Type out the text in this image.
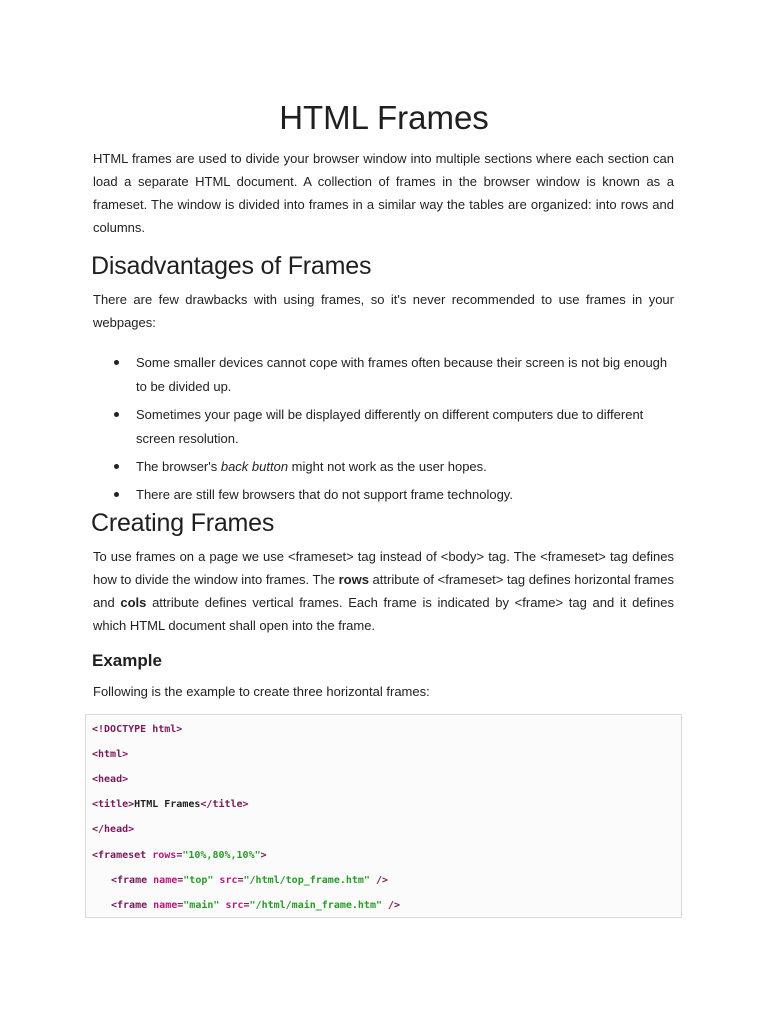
HTML Frames

HTML frames are used to divide your browser window into multiple sections where each section can load a separate HTML document. A collection of frames in the browser window is known as a frameset. The window is divided into frames in a similar way the tables are organized: into rows and columns.

Disadvantages of Frames

There are few drawbacks with using frames, so it's never recommended to use frames in your webpages:

Some smaller devices cannot cope with frames often because their screen is not big enough to be divided up.
Sometimes your page will be displayed differently on different computers due to different screen resolution.
The browser's back button might not work as the user hopes.
There are still few browsers that do not support frame technology.
Creating Frames

To use frames on a page we use <frameset> tag instead of <body> tag. The <frameset> tag defines how to divide the window into frames. The rows attribute of <frameset> tag defines horizontal frames and cols attribute defines vertical frames. Each frame is indicated by <frame> tag and it defines which HTML document shall open into the frame.

Example

Following is the example to create three horizontal frames:

<!DOCTYPE html>
<html>
<head>
<title>HTML Frames</title>
</head>
<frameset rows="10%,80%,10%">
<frame name="top" src="/html/top_frame.htm" />
<frame name="main" src="/html/main_frame.htm" />
